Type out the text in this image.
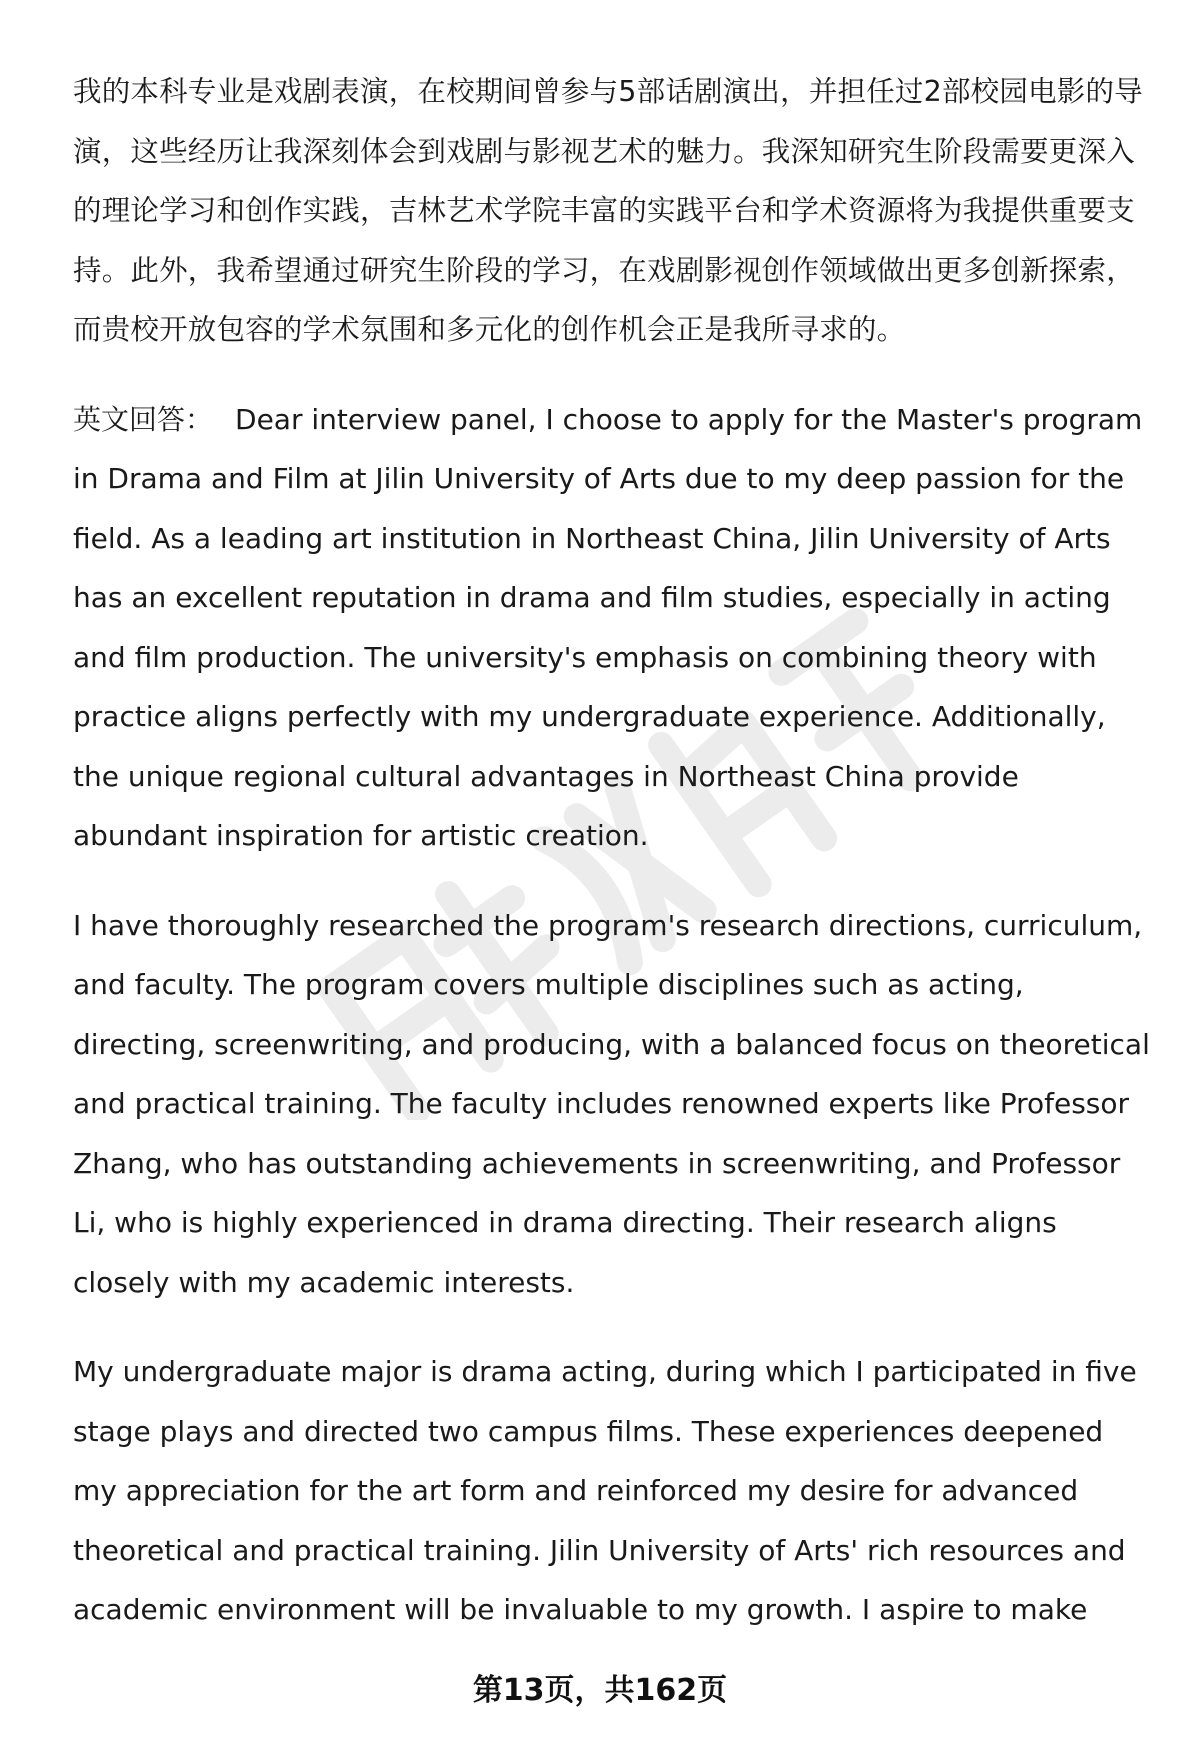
我的本科专业是戏剧表演，在校期间曾参与5部话剧演出，并担任过2部校园电影的导演，这些经历让我深刻体会到戏剧与影视艺术的魅力。我深知研究生阶段需要更深入的理论学习和创作实践，吉林艺术学院丰富的实践平台和学术资源将为我提供重要支持。此外，我希望通过研究生阶段的学习，在戏剧影视创作领域做出更多创新探索，而贵校开放包容的学术氛围和多元化的创作机会正是我所寻求的。

英文回答： Dear interview panel, I choose to apply for the Master's program in Drama and Film at Jilin University of Arts due to my deep passion for the field. As a leading art institution in Northeast China, Jilin University of Arts has an excellent reputation in drama and film studies, especially in acting and film production. The university's emphasis on combining theory with practice aligns perfectly with my undergraduate experience. Additionally, the unique regional cultural advantages in Northeast China provide abundant inspiration for artistic creation.

I have thoroughly researched the program's research directions, curriculum, and faculty. The program covers multiple disciplines such as acting, directing, screenwriting, and producing, with a balanced focus on theoretical and practical training. The faculty includes renowned experts like Professor Zhang, who has outstanding achievements in screenwriting, and Professor Li, who is highly experienced in drama directing. Their research aligns closely with my academic interests.

My undergraduate major is drama acting, during which I participated in five stage plays and directed two campus films. These experiences deepened my appreciation for the art form and reinforced my desire for advanced theoretical and practical training. Jilin University of Arts' rich resources and academic environment will be invaluable to my growth. I aspire to make

第13页，共162页
